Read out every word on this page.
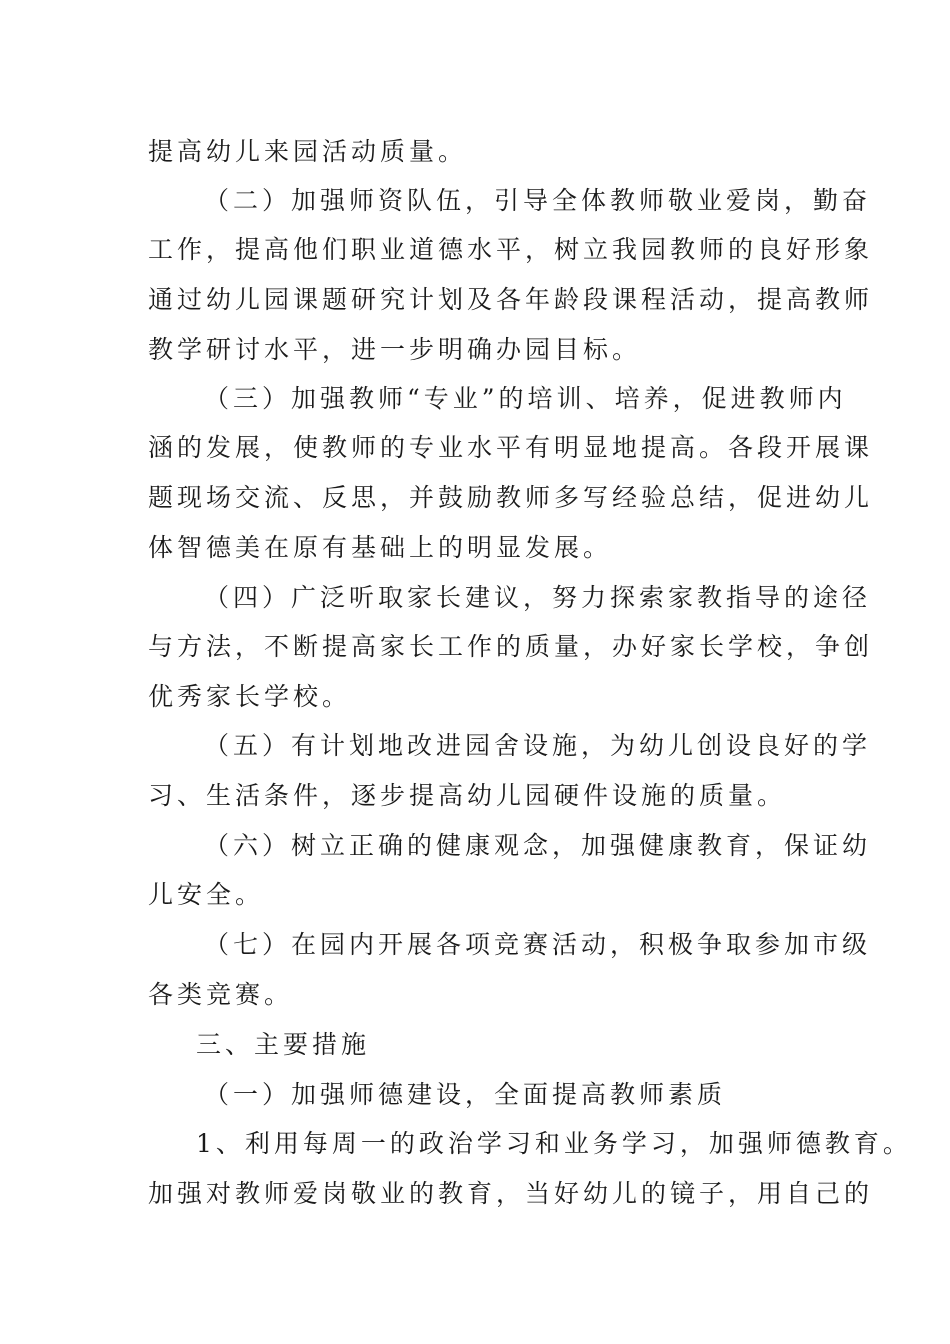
提高幼儿来园活动质量。

（二）加强师资队伍，引导全体教师敬业爱岗，勤奋

工作，提高他们职业道德水平，树立我园教师的良好形象

通过幼儿园课题研究计划及各年龄段课程活动，提高教师

教学研讨水平，进一步明确办园目标。

（三）加强教师“专业”的培训、培养，促进教师内

涵的发展，使教师的专业水平有明显地提高。各段开展课

题现场交流、反思，并鼓励教师多写经验总结，促进幼儿

体智德美在原有基础上的明显发展。

（四）广泛听取家长建议，努力探索家教指导的途径

与方法，不断提高家长工作的质量，办好家长学校，争创

优秀家长学校。

（五）有计划地改进园舍设施，为幼儿创设良好的学

习、生活条件，逐步提高幼儿园硬件设施的质量。

（六）树立正确的健康观念，加强健康教育，保证幼

儿安全。

（七）在园内开展各项竞赛活动，积极争取参加市级

各类竞赛。

三、主要措施

（一）加强师德建设，全面提高教师素质

1、利用每周一的政治学习和业务学习，加强师德教育。

加强对教师爱岗敬业的教育，当好幼儿的镜子，用自己的
